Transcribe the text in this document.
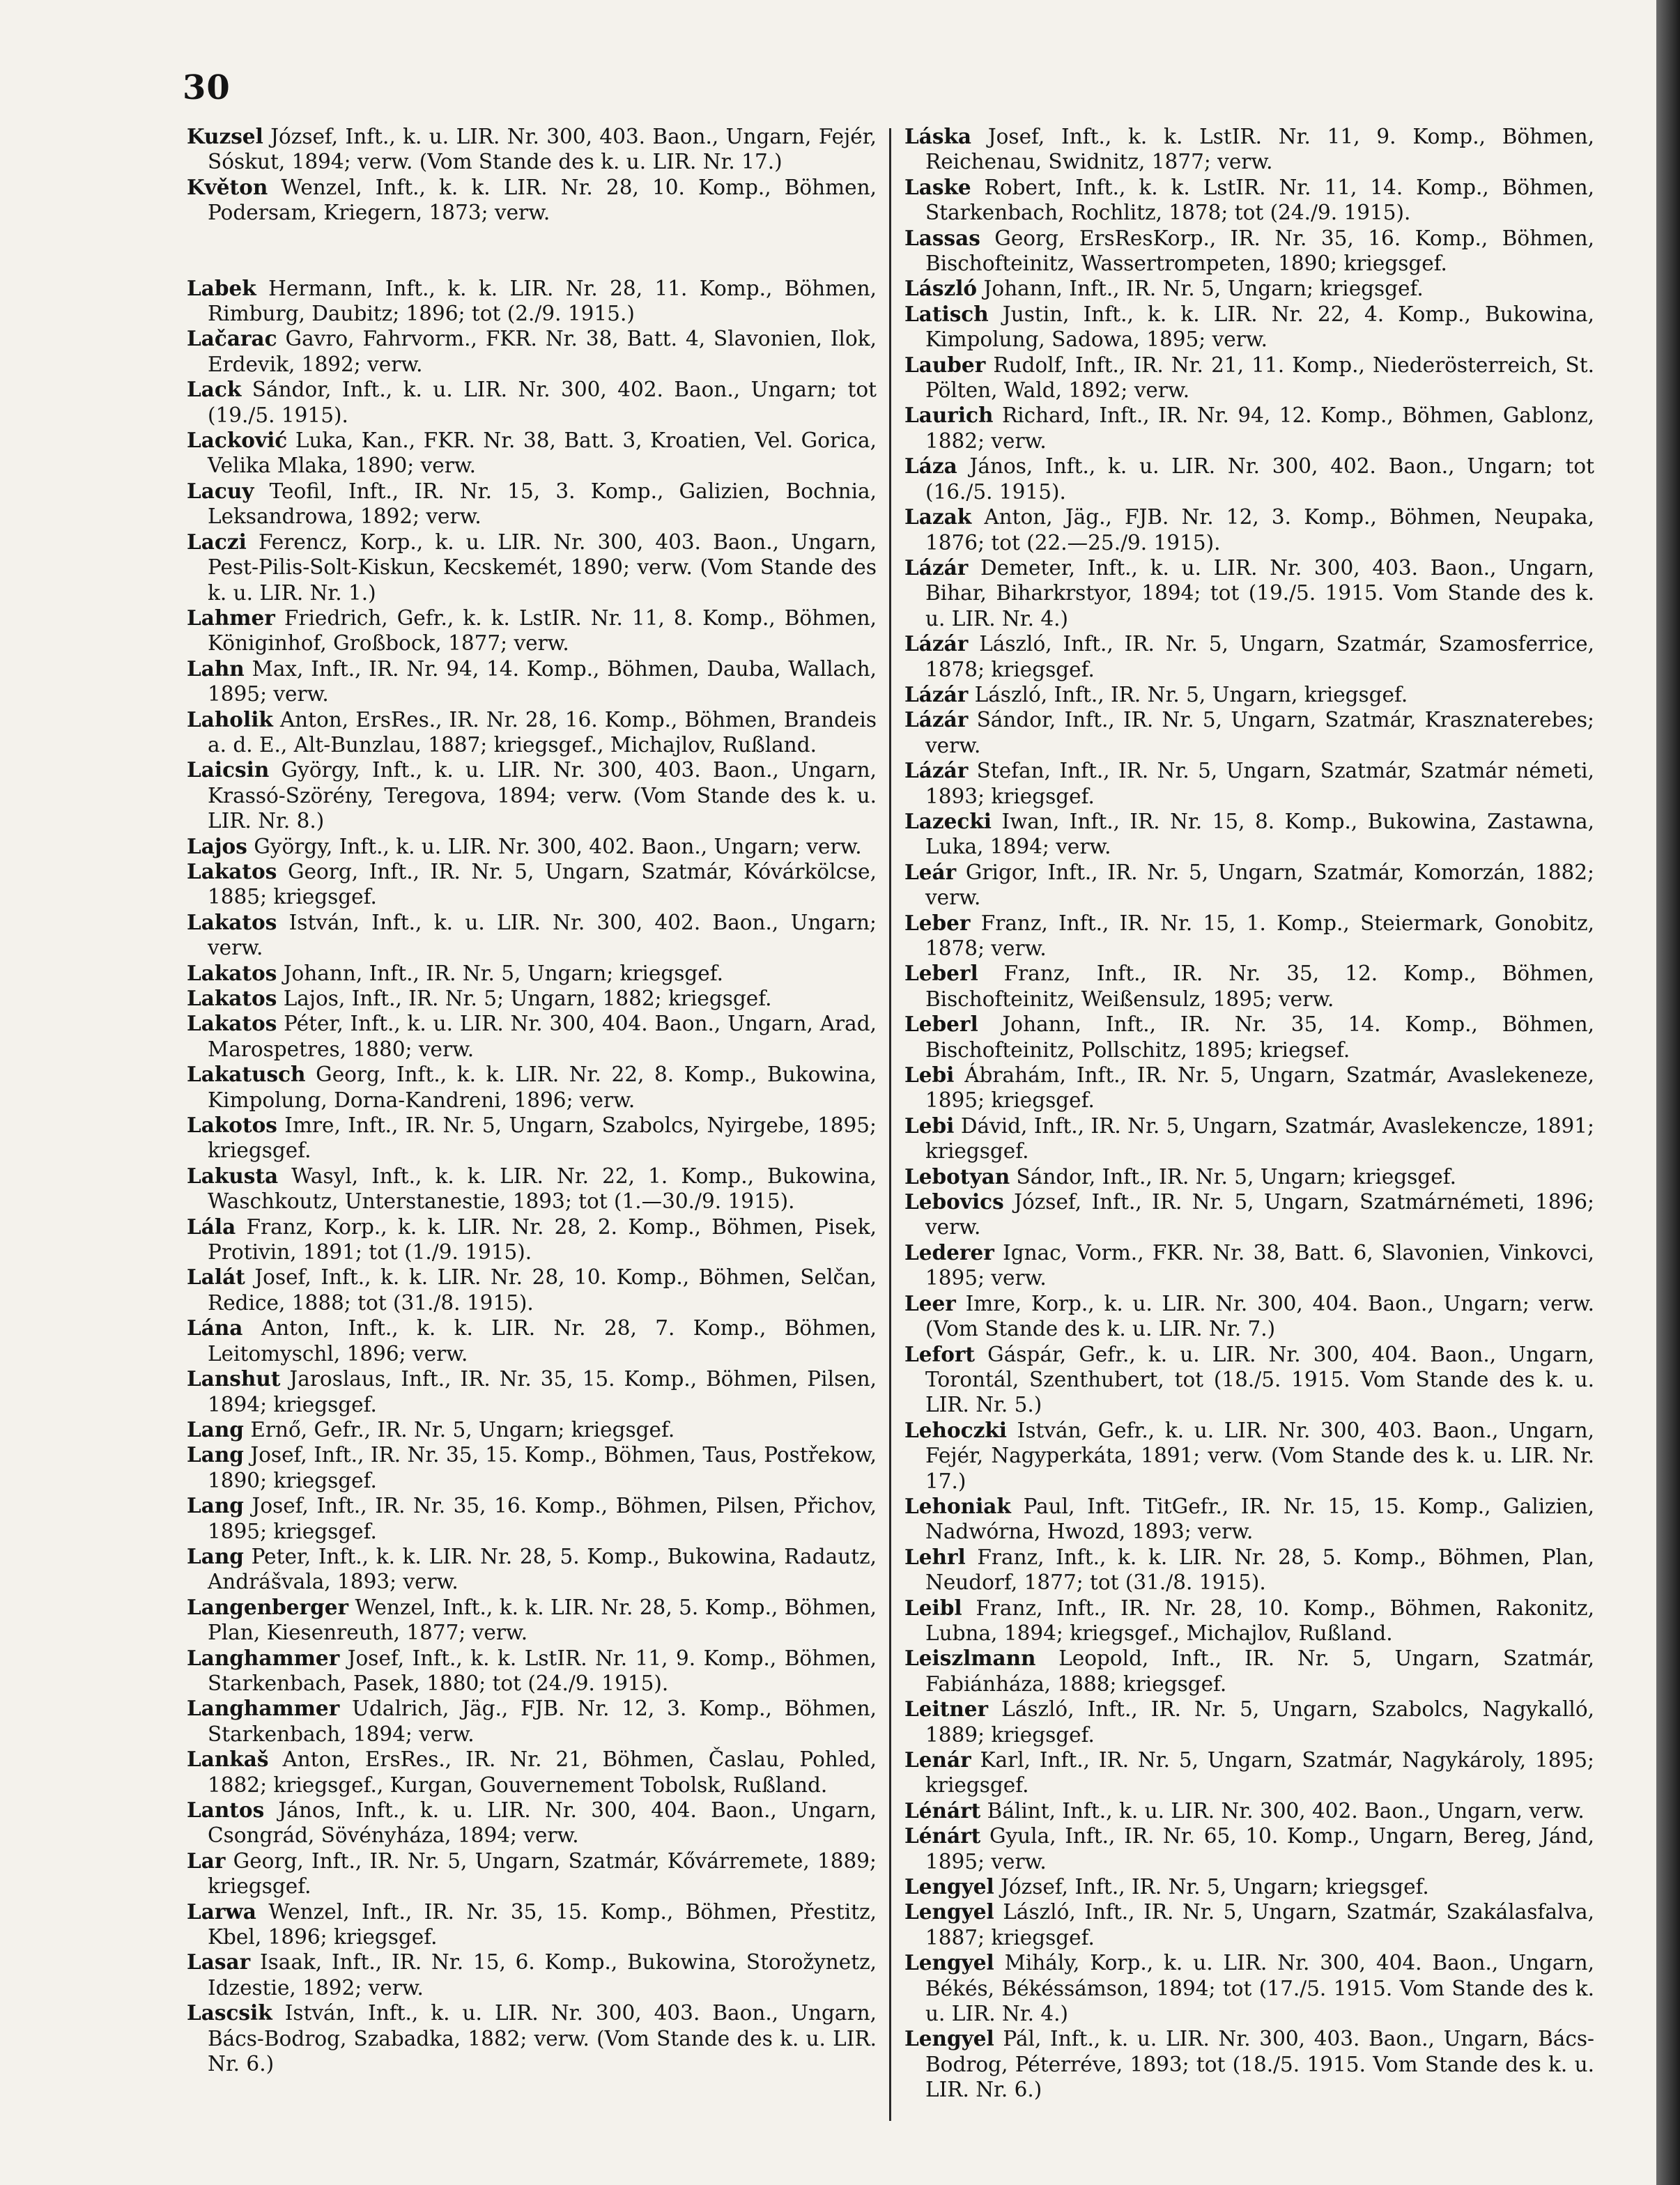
30

Kuzsel József, Inft., k. u. LIR. Nr. 300, 403. Baon., Ungarn, Fejér, Sóskut, 1894; verw. (Vom Stande des k. u. LIR. Nr. 17.)

Květon Wenzel, Inft., k. k. LIR. Nr. 28, 10. Komp., Böhmen, Podersam, Kriegern, 1873; verw.

Labek Hermann, Inft., k. k. LIR. Nr. 28, 11. Komp., Böhmen, Rimburg, Daubitz; 1896; tot (2./9. 1915.)

Lačarac Gavro, Fahrvorm., FKR. Nr. 38, Batt. 4, Slavonien, Ilok, Erdevik, 1892; verw.

Lack Sándor, Inft., k. u. LIR. Nr. 300, 402. Baon., Ungarn; tot (19./5. 1915).

Lacković Luka, Kan., FKR. Nr. 38, Batt. 3, Kroatien, Vel. Gorica, Velika Mlaka, 1890; verw.

Lacuy Teofil, Inft., IR. Nr. 15, 3. Komp., Galizien, Bochnia, Leksandrowa, 1892; verw.

Laczi Ferencz, Korp., k. u. LIR. Nr. 300, 403. Baon., Ungarn, Pest-Pilis-Solt-Kiskun, Kecskemét, 1890; verw. (Vom Stande des k. u. LIR. Nr. 1.)

Lahmer Friedrich, Gefr., k. k. LstIR. Nr. 11, 8. Komp., Böhmen, Königinhof, Großbock, 1877; verw.

Lahn Max, Inft., IR. Nr. 94, 14. Komp., Böhmen, Dauba, Wallach, 1895; verw.

Laholik Anton, ErsRes., IR. Nr. 28, 16. Komp., Böhmen, Brandeis a. d. E., Alt-Bunzlau, 1887; kriegsgef., Michajlov, Rußland.

Laicsin György, Inft., k. u. LIR. Nr. 300, 403. Baon., Ungarn, Krassó-Szörény, Teregova, 1894; verw. (Vom Stande des k. u. LIR. Nr. 8.)

Lajos György, Inft., k. u. LIR. Nr. 300, 402. Baon., Ungarn; verw.

Lakatos Georg, Inft., IR. Nr. 5, Ungarn, Szatmár, Kóvárkölcse, 1885; kriegsgef.

Lakatos István, Inft., k. u. LIR. Nr. 300, 402. Baon., Ungarn; verw.

Lakatos Johann, Inft., IR. Nr. 5, Ungarn; kriegsgef.

Lakatos Lajos, Inft., IR. Nr. 5; Ungarn, 1882; kriegsgef.

Lakatos Péter, Inft., k. u. LIR. Nr. 300, 404. Baon., Ungarn, Arad, Marospetres, 1880; verw.

Lakatusch Georg, Inft., k. k. LIR. Nr. 22, 8. Komp., Bukowina, Kimpolung, Dorna-Kandreni, 1896; verw.

Lakotos Imre, Inft., IR. Nr. 5, Ungarn, Szabolcs, Nyirgebe, 1895; kriegsgef.

Lakusta Wasyl, Inft., k. k. LIR. Nr. 22, 1. Komp., Bukowina, Waschkoutz, Unterstanestie, 1893; tot (1.—30./9. 1915).

Lála Franz, Korp., k. k. LIR. Nr. 28, 2. Komp., Böhmen, Pisek, Protivin, 1891; tot (1./9. 1915).

Lalát Josef, Inft., k. k. LIR. Nr. 28, 10. Komp., Böhmen, Selčan, Redice, 1888; tot (31./8. 1915).

Lána Anton, Inft., k. k. LIR. Nr. 28, 7. Komp., Böhmen, Leitomyschl, 1896; verw.

Lanshut Jaroslaus, Inft., IR. Nr. 35, 15. Komp., Böhmen, Pilsen, 1894; kriegsgef.

Lang Ernő, Gefr., IR. Nr. 5, Ungarn; kriegsgef.

Lang Josef, Inft., IR. Nr. 35, 15. Komp., Böhmen, Taus, Postřekow, 1890; kriegsgef.

Lang Josef, Inft., IR. Nr. 35, 16. Komp., Böhmen, Pilsen, Přichov, 1895; kriegsgef.

Lang Peter, Inft., k. k. LIR. Nr. 28, 5. Komp., Bukowina, Radautz, Andrášvala, 1893; verw.

Langenberger Wenzel, Inft., k. k. LIR. Nr. 28, 5. Komp., Böhmen, Plan, Kiesenreuth, 1877; verw.

Langhammer Josef, Inft., k. k. LstIR. Nr. 11, 9. Komp., Böhmen, Starkenbach, Pasek, 1880; tot (24./9. 1915).

Langhammer Udalrich, Jäg., FJB. Nr. 12, 3. Komp., Böhmen, Starkenbach, 1894; verw.

Lankaš Anton, ErsRes., IR. Nr. 21, Böhmen, Časlau, Pohled, 1882; kriegsgef., Kurgan, Gouvernement Tobolsk, Rußland.

Lantos János, Inft., k. u. LIR. Nr. 300, 404. Baon., Ungarn, Csongrád, Sövényháza, 1894; verw.

Lar Georg, Inft., IR. Nr. 5, Ungarn, Szatmár, Kővárremete, 1889; kriegsgef.

Larwa Wenzel, Inft., IR. Nr. 35, 15. Komp., Böhmen, Přestitz, Kbel, 1896; kriegsgef.

Lasar Isaak, Inft., IR. Nr. 15, 6. Komp., Bukowina, Storožynetz, Idzestie, 1892; verw.

Lascsik István, Inft., k. u. LIR. Nr. 300, 403. Baon., Ungarn, Bács-Bodrog, Szabadka, 1882; verw. (Vom Stande des k. u. LIR. Nr. 6.)

Láska Josef, Inft., k. k. LstIR. Nr. 11, 9. Komp., Böhmen, Reichenau, Swidnitz, 1877; verw.

Laske Robert, Inft., k. k. LstIR. Nr. 11, 14. Komp., Böhmen, Starkenbach, Rochlitz, 1878; tot (24./9. 1915).

Lassas Georg, ErsResKorp., IR. Nr. 35, 16. Komp., Böhmen, Bischofteinitz, Wassertrompeten, 1890; kriegsgef.

László Johann, Inft., IR. Nr. 5, Ungarn; kriegsgef.

Latisch Justin, Inft., k. k. LIR. Nr. 22, 4. Komp., Bukowina, Kimpolung, Sadowa, 1895; verw.

Lauber Rudolf, Inft., IR. Nr. 21, 11. Komp., Niederösterreich, St. Pölten, Wald, 1892; verw.

Laurich Richard, Inft., IR. Nr. 94, 12. Komp., Böhmen, Gablonz, 1882; verw.

Láza János, Inft., k. u. LIR. Nr. 300, 402. Baon., Ungarn; tot (16./5. 1915).

Lazak Anton, Jäg., FJB. Nr. 12, 3. Komp., Böhmen, Neupaka, 1876; tot (22.—25./9. 1915).

Lázár Demeter, Inft., k. u. LIR. Nr. 300, 403. Baon., Ungarn, Bihar, Biharkrstyor, 1894; tot (19./5. 1915. Vom Stande des k. u. LIR. Nr. 4.)

Lázár László, Inft., IR. Nr. 5, Ungarn, Szatmár, Szamosferrice, 1878; kriegsgef.

Lázár László, Inft., IR. Nr. 5, Ungarn, kriegsgef.

Lázár Sándor, Inft., IR. Nr. 5, Ungarn, Szatmár, Krasznaterebes; verw.

Lázár Stefan, Inft., IR. Nr. 5, Ungarn, Szatmár, Szatmár németi, 1893; kriegsgef.

Lazecki Iwan, Inft., IR. Nr. 15, 8. Komp., Bukowina, Zastawna, Luka, 1894; verw.

Leár Grigor, Inft., IR. Nr. 5, Ungarn, Szatmár, Komorzán, 1882; verw.

Leber Franz, Inft., IR. Nr. 15, 1. Komp., Steiermark, Gonobitz, 1878; verw.

Leberl Franz, Inft., IR. Nr. 35, 12. Komp., Böhmen, Bischofteinitz, Weißensulz, 1895; verw.

Leberl Johann, Inft., IR. Nr. 35, 14. Komp., Böhmen, Bischofteinitz, Pollschitz, 1895; kriegsef.

Lebi Ábrahám, Inft., IR. Nr. 5, Ungarn, Szatmár, Avaslekeneze, 1895; kriegsgef.

Lebi Dávid, Inft., IR. Nr. 5, Ungarn, Szatmár, Avaslekencze, 1891; kriegsgef.

Lebotyan Sándor, Inft., IR. Nr. 5, Ungarn; kriegsgef.

Lebovics József, Inft., IR. Nr. 5, Ungarn, Szatmárnémeti, 1896; verw.

Lederer Ignac, Vorm., FKR. Nr. 38, Batt. 6, Slavonien, Vinkovci, 1895; verw.

Leer Imre, Korp., k. u. LIR. Nr. 300, 404. Baon., Ungarn; verw. (Vom Stande des k. u. LIR. Nr. 7.)

Lefort Gáspár, Gefr., k. u. LIR. Nr. 300, 404. Baon., Ungarn, Torontál, Szenthubert, tot (18./5. 1915. Vom Stande des k. u. LIR. Nr. 5.)

Lehoczki István, Gefr., k. u. LIR. Nr. 300, 403. Baon., Ungarn, Fejér, Nagyperkáta, 1891; verw. (Vom Stande des k. u. LIR. Nr. 17.)

Lehoniak Paul, Inft. TitGefr., IR. Nr. 15, 15. Komp., Galizien, Nadwórna, Hwozd, 1893; verw.

Lehrl Franz, Inft., k. k. LIR. Nr. 28, 5. Komp., Böhmen, Plan, Neudorf, 1877; tot (31./8. 1915).

Leibl Franz, Inft., IR. Nr. 28, 10. Komp., Böhmen, Rakonitz, Lubna, 1894; kriegsgef., Michajlov, Rußland.

Leiszlmann Leopold, Inft., IR. Nr. 5, Ungarn, Szatmár, Fabiánháza, 1888; kriegsgef.

Leitner László, Inft., IR. Nr. 5, Ungarn, Szabolcs, Nagykalló, 1889; kriegsgef.

Lenár Karl, Inft., IR. Nr. 5, Ungarn, Szatmár, Nagykároly, 1895; kriegsgef.

Lénárt Bálint, Inft., k. u. LIR. Nr. 300, 402. Baon., Ungarn, verw.

Lénárt Gyula, Inft., IR. Nr. 65, 10. Komp., Ungarn, Bereg, Jánd, 1895; verw.

Lengyel József, Inft., IR. Nr. 5, Ungarn; kriegsgef.

Lengyel László, Inft., IR. Nr. 5, Ungarn, Szatmár, Szakálasfalva, 1887; kriegsgef.

Lengyel Mihály, Korp., k. u. LIR. Nr. 300, 404. Baon., Ungarn, Békés, Békéssámson, 1894; tot (17./5. 1915. Vom Stande des k. u. LIR. Nr. 4.)

Lengyel Pál, Inft., k. u. LIR. Nr. 300, 403. Baon., Ungarn, Bács-Bodrog, Péterréve, 1893; tot (18./5. 1915. Vom Stande des k. u. LIR. Nr. 6.)
